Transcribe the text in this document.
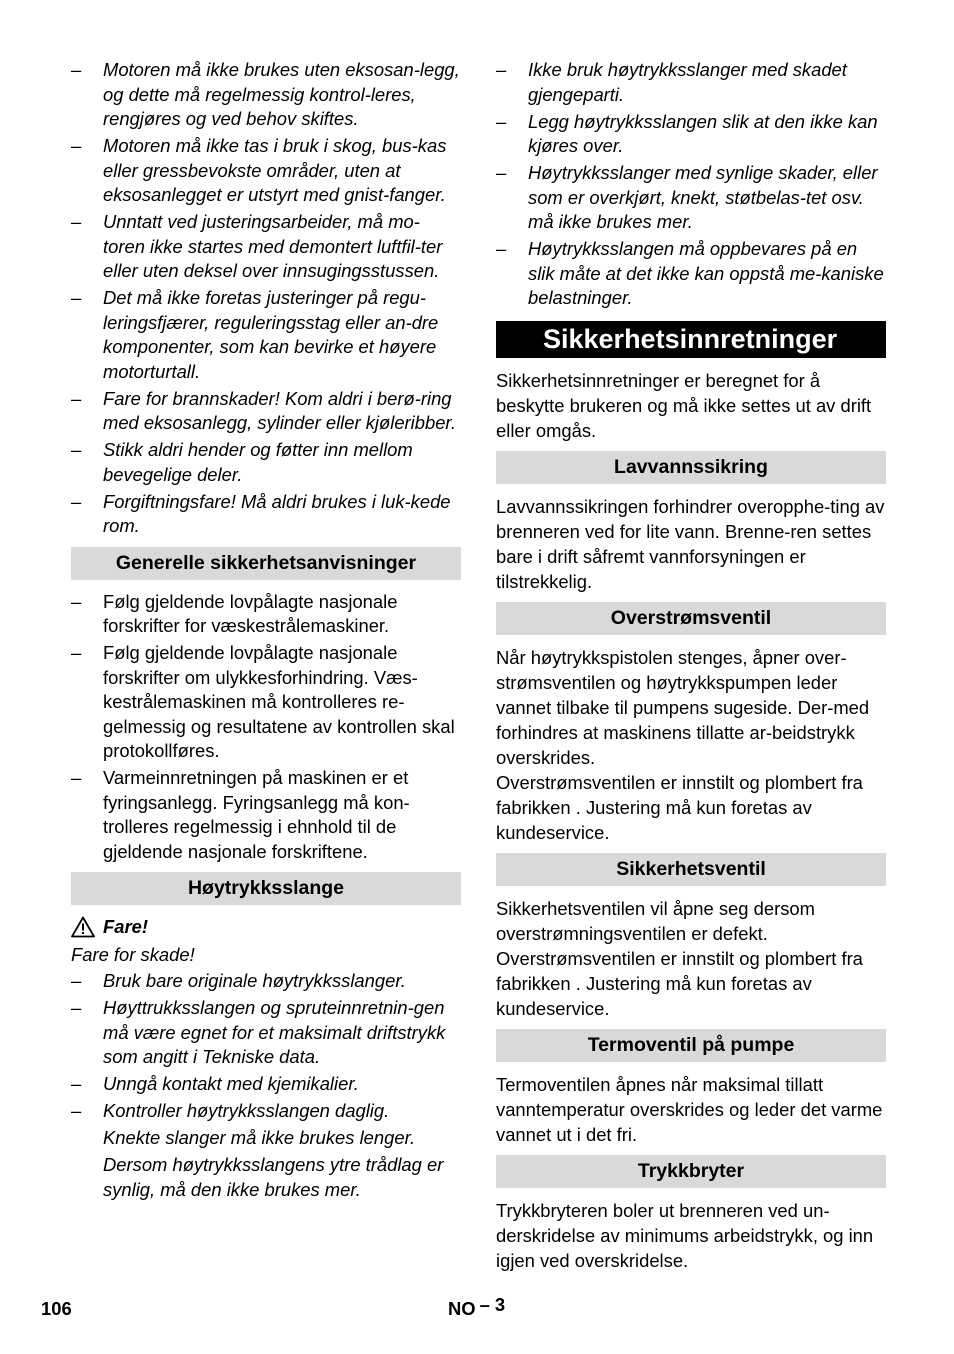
– Motoren må ikke brukes uten eksosan-legg, og dette må regelmessig kontrol-leres, rengjøres og ved behov skiftes.
– Motoren må ikke tas i bruk i skog, bus-kas eller gressbevokste områder, uten at eksosanlegget er utstyrt med gnist-fanger.
– Unntatt ved justeringsarbeider, må mo-toren ikke startes med demontert luftfil-ter eller uten deksel over innsugingsstussen.
– Det må ikke foretas justeringer på regu-leringsfjærer, reguleringsstag eller an-dre komponenter, som kan bevirke et høyere motorturtall.
– Fare for brannskader! Kom aldri i berø-ring med eksosanlegg, sylinder eller kjøleribber.
– Stikk aldri hender og føtter inn mellom bevegelige deler.
– Forgiftningsfare! Må aldri brukes i luk-kede rom.
Generelle sikkerhetsanvisninger
– Følg gjeldende lovpålagte nasjonale forskrifter for væskestrålemaskiner.
– Følg gjeldende lovpålagte nasjonale forskrifter om ulykkesforhindring. Væs-kestrålemaskinen må kontrolleres re-gelmessig og resultatene av kontrollen skal protokollføres.
– Varmeinnretningen på maskinen er et fyringsanlegg. Fyringsanlegg må kon-trolleres regelmessig i ehnhold til de gjeldende nasjonale forskriftene.
Høytrykksslange
Fare!
Fare for skade!
– Bruk bare originale høytrykksslanger.
– Høyttrukksslangen og spruteinnretnin-gen må være egnet for et maksimalt driftstrykk som angitt i Tekniske data.
– Unngå kontakt med kjemikalier.
– Kontroller høytrykksslangen daglig.
Knekte slanger må ikke brukes lenger.
Dersom høytrykksslangens ytre trådlag er synlig, må den ikke brukes mer.
– Ikke bruk høytrykksslanger med skadet gjengeparti.
– Legg høytrykksslangen slik at den ikke kan kjøres over.
– Høytrykksslanger med synlige skader, eller som er overkjørt, knekt, støtbelas-tet osv. må ikke brukes mer.
– Høytrykksslangen må oppbevares på en slik måte at det ikke kan oppstå me-kaniske belastninger.
Sikkerhetsinnretninger
Sikkerhetsinnretninger er beregnet for å beskytte brukeren og må ikke settes ut av drift eller omgås.
Lavvannssikring
Lavvannssikringen forhindrer overopphe-ting av brenneren ved for lite vann. Brenne-ren settes bare i drift såfremt vannforsyningen er tilstrekkelig.
Overstrømsventil
Når høytrykkspistolen stenges, åpner over-strømsventilen og høytrykkspumpen leder vannet tilbake til pumpens sugeside. Der-med forhindres at maskinens tillatte ar-beidstrykk overskrides.
Overstrømsventilen er innstilt og plombert fra fabrikken . Justering må kun foretas av kundeservice.
Sikkerhetsventil
Sikkerhetsventilen vil åpne seg dersom overstrømningsventilen er defekt.
Overstrømsventilen er innstilt og plombert fra fabrikken . Justering må kun foretas av kundeservice.
Termoventil på pumpe
Termoventilen åpnes når maksimal tillatt vanntemperatur overskrides og leder det varme vannet ut i det fri.
Trykkbryter
Trykkbryteren boler ut brenneren ved un-derskridelse av minimums arbeidstrykk, og inn igjen ved overskridelse.
106	NO – 3
